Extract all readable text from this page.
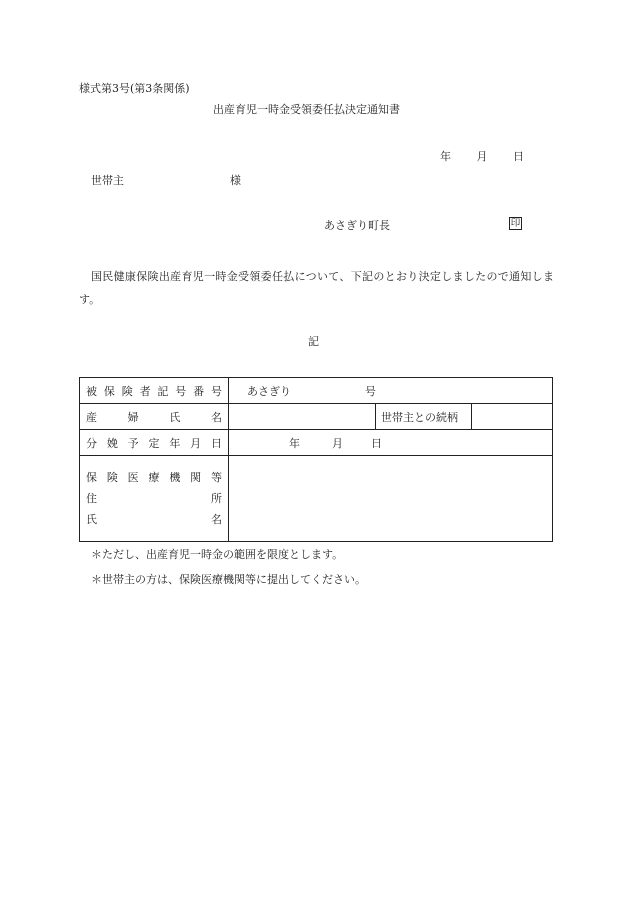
様式第3号(第3条関係)
出産育児一時金受領委任払決定通知書
年 月 日
世帯主	様
あさぎり町長	印
国民健康保険出産育児一時金受領委任払について、下記のとおり決定しましたので通知します。
記
被保険者記号番号	あさぎり 号		

産婦氏名		世帯主との続柄	
分娩予定年月日	年 月 日		

保険医療機関等
住所
氏名			

＊ただし、出産育児一時金の範囲を限度とします。
＊世帯主の方は、保険医療機関等に提出してください。
